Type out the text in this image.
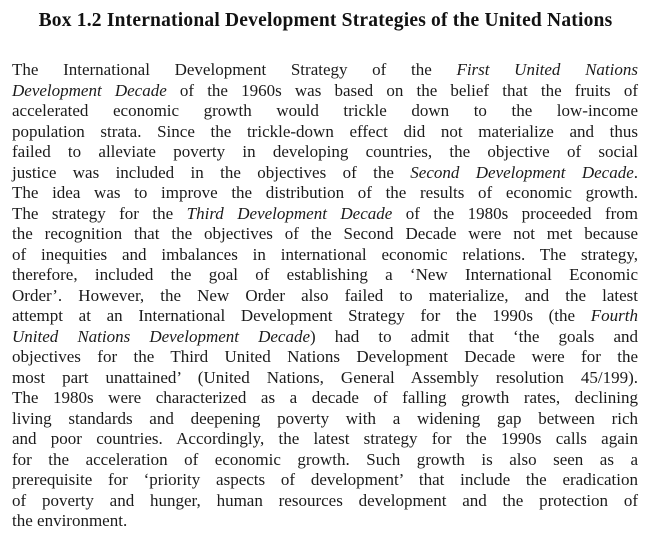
Box 1.2 International Development Strategies of the United Nations
The International Development Strategy of the First United Nations
Development Decade of the 1960s was based on the belief that the fruits of
accelerated economic growth would trickle down to the low-income
population strata. Since the trickle-down effect did not materialize and thus
failed to alleviate poverty in developing countries, the objective of social
justice was included in the objectives of the Second Development Decade.
The idea was to improve the distribution of the results of economic growth.
The strategy for the Third Development Decade of the 1980s proceeded from
the recognition that the objectives of the Second Decade were not met because
of inequities and imbalances in international economic relations. The strategy,
therefore, included the goal of establishing a ‘New International Economic
Order’. However, the New Order also failed to materialize, and the latest
attempt at an International Development Strategy for the 1990s (the Fourth
United Nations Development Decade) had to admit that ‘the goals and
objectives for the Third United Nations Development Decade were for the
most part unattained’ (United Nations, General Assembly resolution 45/199).
The 1980s were characterized as a decade of falling growth rates, declining
living standards and deepening poverty with a widening gap between rich
and poor countries. Accordingly, the latest strategy for the 1990s calls again
for the acceleration of economic growth. Such growth is also seen as a
prerequisite for ‘priority aspects of development’ that include the eradication
of poverty and hunger, human resources development and the protection of
the environment.
